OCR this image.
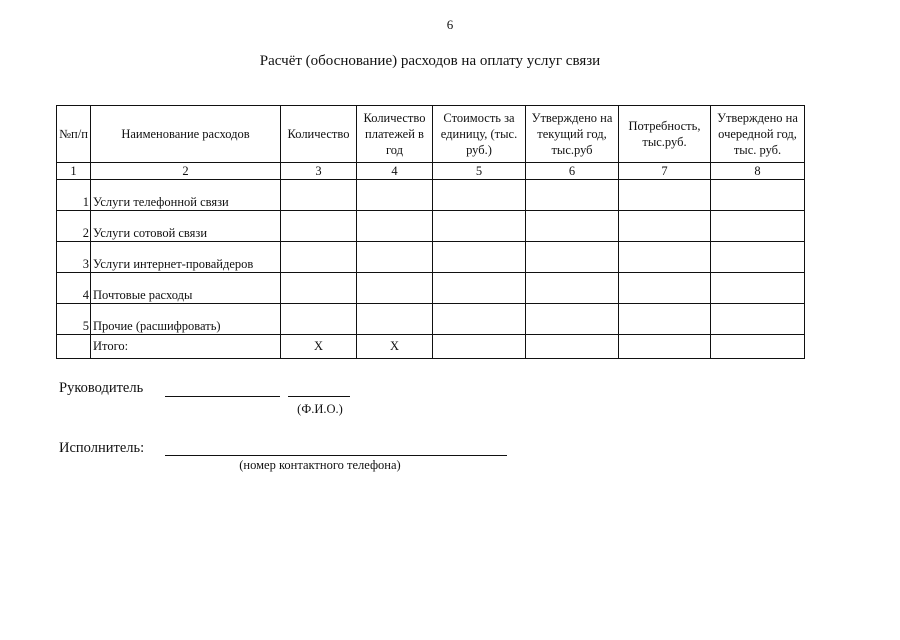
6
Расчёт (обоснование) расходов на оплату услуг связи
№п/п	Наименование расходов	Количество	Количество платежей в год	Стоимость за единицу, (тыс. руб.)	Утверждено на текущий год, тыс.руб	Потребность, тыс.руб.	Утверждено на очередной год, тыс. руб.
1	2	3	4	5	6	7	8
1	Услуги телефонной связи						
2	Услуги сотовой связи						
3	Услуги интернет-провайдеров						
4	Почтовые расходы						
5	Прочие (расшифровать)						
	Итого:	Х	Х				
Руководитель
(Ф.И.О.)
Исполнитель:
(номер контактного телефона)
